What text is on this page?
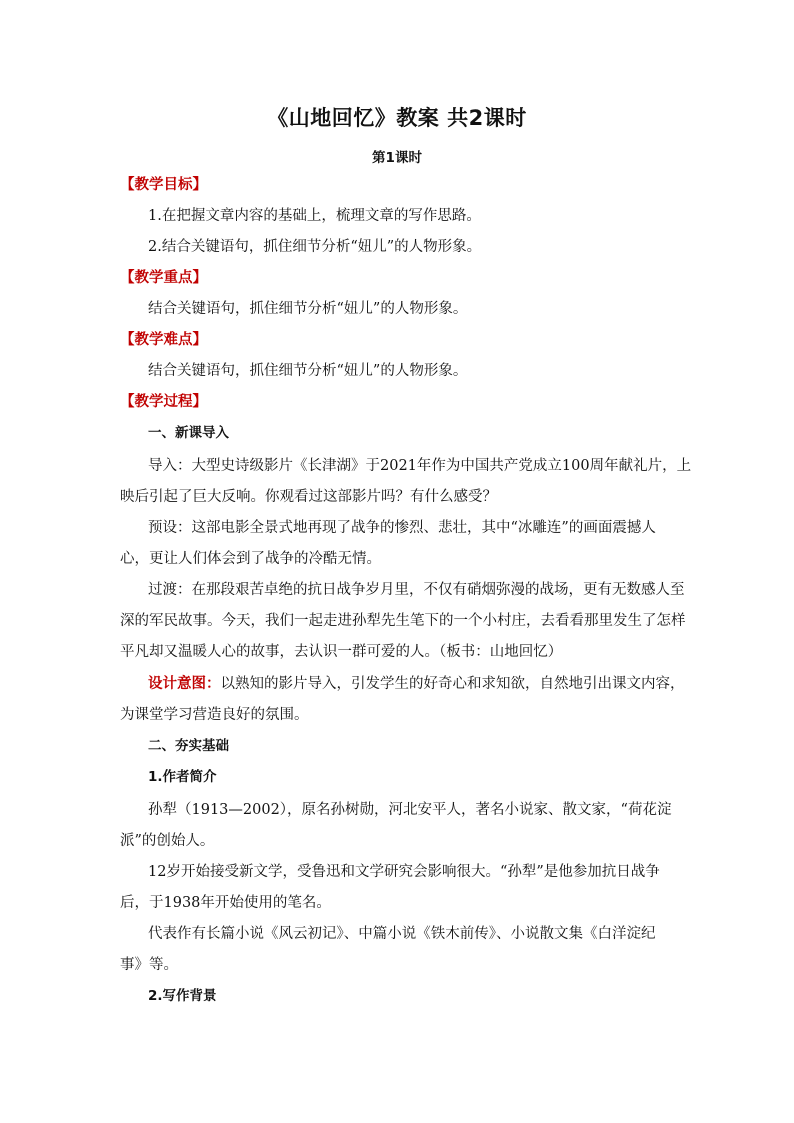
《山地回忆》教案 共2课时
第1课时
【教学目标】
1.在把握文章内容的基础上，梳理文章的写作思路。
2.结合关键语句，抓住细节分析“妞儿”的人物形象。
【教学重点】
结合关键语句，抓住细节分析“妞儿”的人物形象。
【教学难点】
结合关键语句，抓住细节分析“妞儿”的人物形象。
【教学过程】
一、新课导入
导入：大型史诗级影片《长津湖》于2021年作为中国共产党成立100周年献礼片，上
映后引起了巨大反响。你观看过这部影片吗？有什么感受？
预设：这部电影全景式地再现了战争的惨烈、悲壮，其中“冰雕连”的画面震撼人
心，更让人们体会到了战争的冷酷无情。
过渡：在那段艰苦卓绝的抗日战争岁月里，不仅有硝烟弥漫的战场，更有无数感人至
深的军民故事。今天，我们一起走进孙犁先生笔下的一个小村庄，去看看那里发生了怎样
平凡却又温暖人心的故事，去认识一群可爱的人。（板书：山地回忆）
设计意图：以熟知的影片导入，引发学生的好奇心和求知欲，自然地引出课文内容，
为课堂学习营造良好的氛围。
二、夯实基础
1.作者简介
孙犁（1913—2002），原名孙树勋，河北安平人，著名小说家、散文家，“荷花淀
派”的创始人。
12岁开始接受新文学，受鲁迅和文学研究会影响很大。“孙犁”是他参加抗日战争
后，于1938年开始使用的笔名。
代表作有长篇小说《风云初记》、中篇小说《铁木前传》、小说散文集《白洋淀纪
事》等。
2.写作背景
